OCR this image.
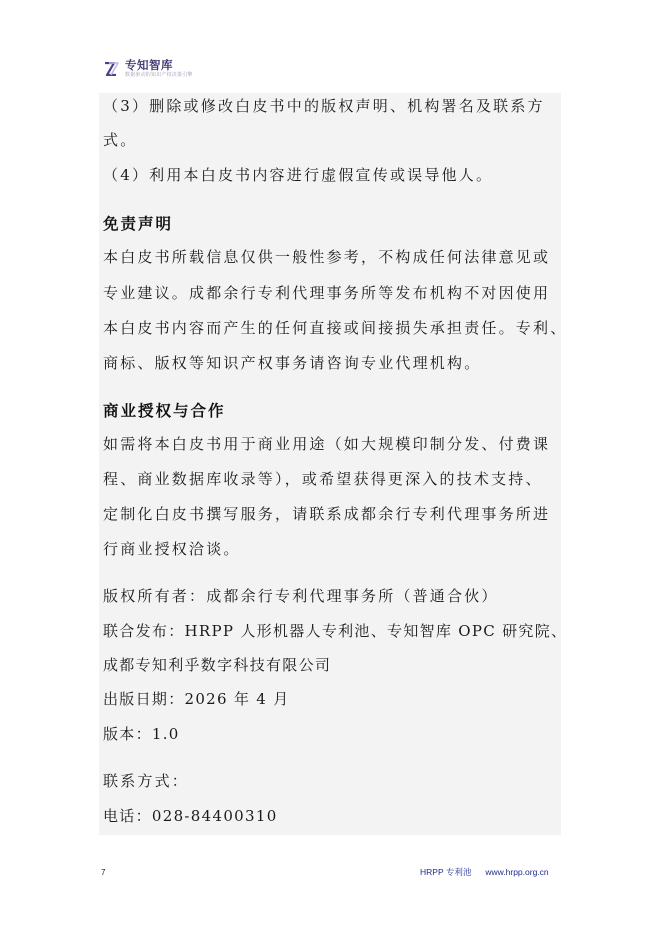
专知智库
数据驱动的知识产权决策引擎
（3）删除或修改白皮书中的版权声明、机构署名及联系方
式。
（4）利用本白皮书内容进行虚假宣传或误导他人。
免责声明
本白皮书所载信息仅供一般性参考，不构成任何法律意见或
专业建议。成都余行专利代理事务所等发布机构不对因使用
本白皮书内容而产生的任何直接或间接损失承担责任。专利、
商标、版权等知识产权事务请咨询专业代理机构。
商业授权与合作
如需将本白皮书用于商业用途（如大规模印制分发、付费课
程、商业数据库收录等），或希望获得更深入的技术支持、
定制化白皮书撰写服务，请联系成都余行专利代理事务所进
行商业授权洽谈。
版权所有者：成都余行专利代理事务所（普通合伙）
联合发布：HRPP 人形机器人专利池、专知智库 OPC 研究院、
成都专知利乎数字科技有限公司
出版日期：2026 年 4 月
版本：1.0
联系方式：
电话：028-84400310
7	HRPP 专利池 www.hrpp.org.cn
